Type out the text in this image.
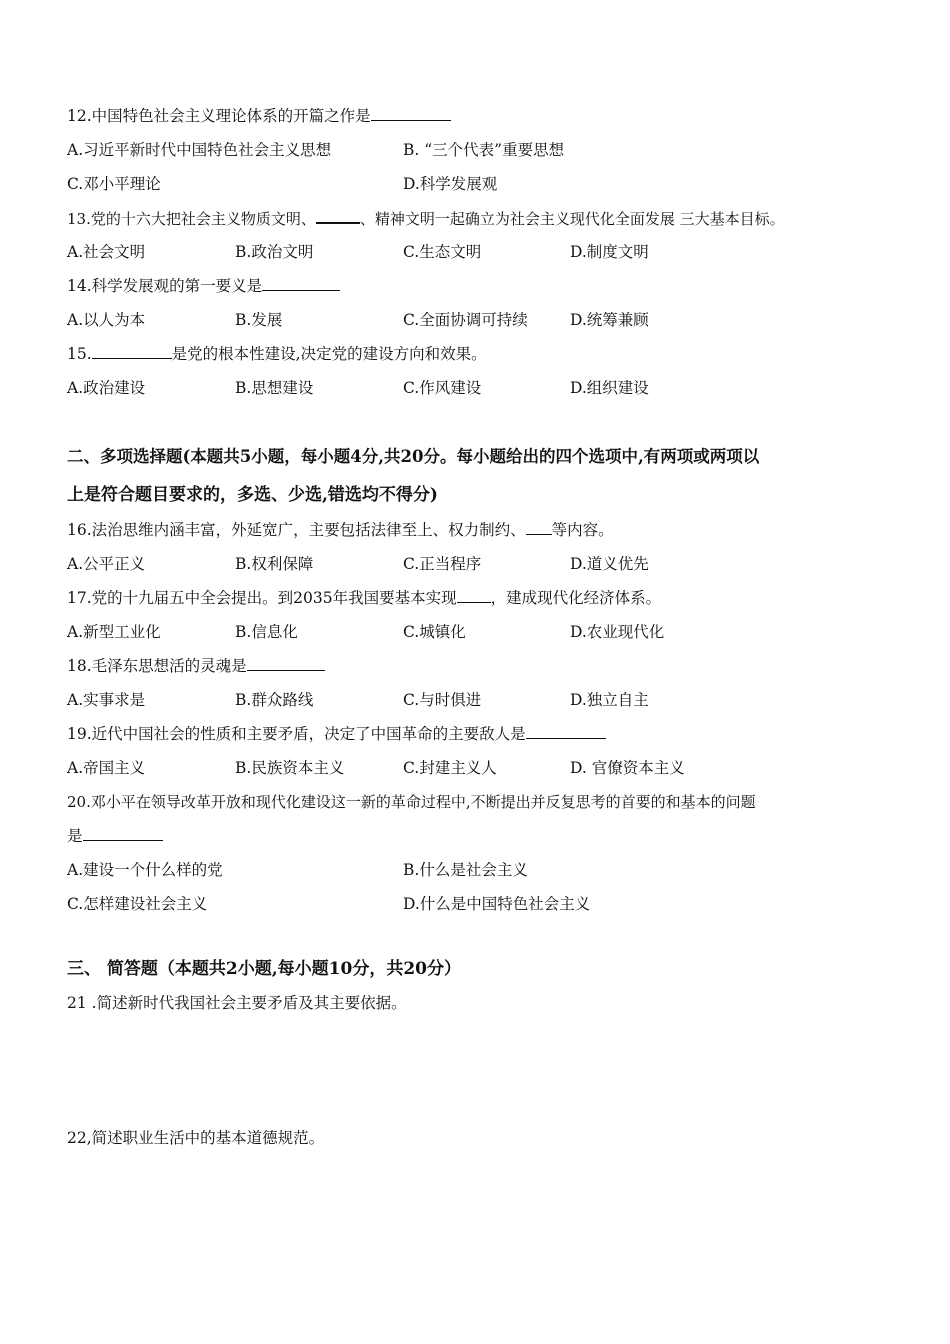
12.中国特色社会主义理论体系的开篇之作是
A.习近平新时代中国特色社会主义思想	B. “三个代表”重要思想
C.邓小平理论	D.科学发展观
13.党的十六大把社会主义物质文明、	、精神文明一起确立为社会主义现代化全面发展 三大基本目标。
A.社会文明	B.政治文明	C.生态文明	D.制度文明
14.科学发展观的第一要义是
A.以人为本	B.发展	C.全面协调可持续	D.统筹兼顾
15.	是党的根本性建设,决定党的建设方向和效果。
A.政治建设	B.思想建设	C.作风建设	D.组织建设
二、多项选择题(本题共5小题，每小题4分,共20分。每小题给出的四个选项中,有两项或两项以
上是符合题目要求的，多选、少选,错选均不得分)
16.法治思维内涵丰富，外延宽广，主要包括法律至上、权力制约、 等内容。
A.公平正义	B.权利保障	C.正当程序	D.道义优先
17.党的十九届五中全会提出。到2035年我国要基本实现 ，建成现代化经济体系。
A.新型工业化	B.信息化	C.城镇化	D.农业现代化
18.毛泽东思想活的灵魂是
A.实事求是	B.群众路线	C.与时俱进	D.独立自主
19.近代中国社会的性质和主要矛盾，决定了中国革命的主要敌人是
A.帝国主义	B.民族资本主义	C.封建主义人	D. 官僚资本主义
20.邓小平在领导改革开放和现代化建设这一新的革命过程中,不断提出并反复思考的首要的和基本的问题
是
A.建设一个什么样的党	B.什么是社会主义
C.怎样建设社会主义	D.什么是中国特色社会主义
三、 简答题（本题共2小题,每小题10分，共20分）
21 .简述新时代我国社会主要矛盾及其主要依据。
22,简述职业生活中的基本道德规范。
